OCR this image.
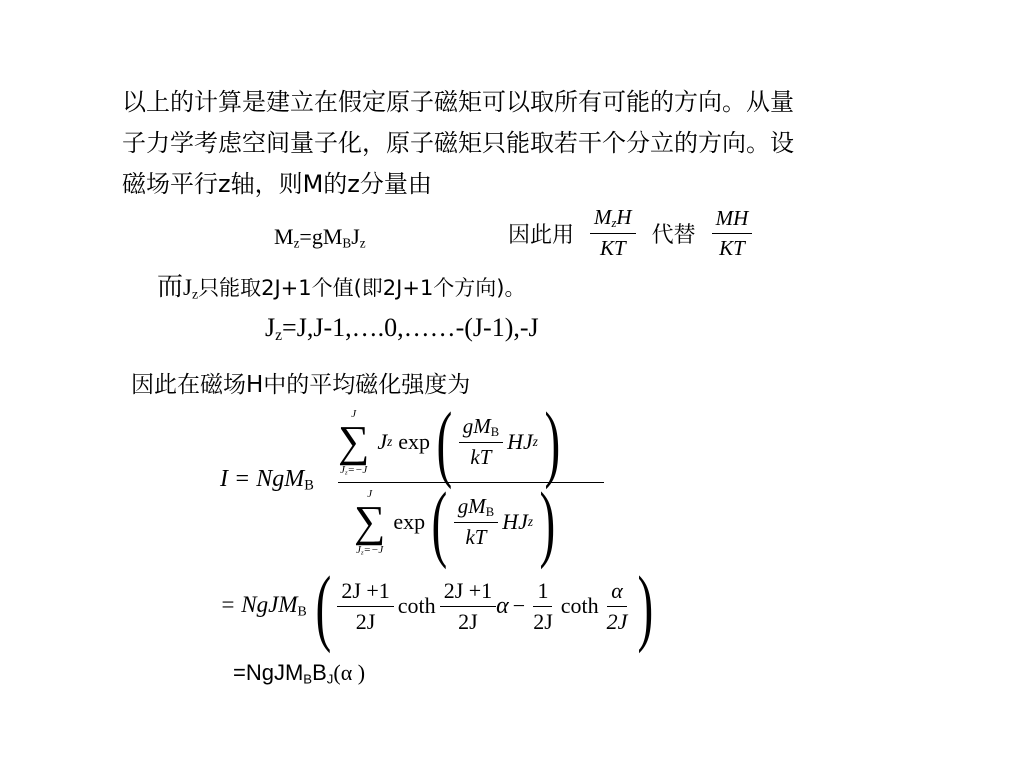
以上的计算是建立在假定原子磁矩可以取所有可能的方向。从量
子力学考虑空间量子化，原子磁矩只能取若干个分立的方向。设
磁场平行z轴，则M的z分量由
$M_z=gM_BJ_z$	因此用 $\frac{M_zH}{KT}$ 代替 $\frac{MH}{KT}$
而$J_z$只能取2J+1个值(即2J+1个方向)。
$J_z=J,J-1,\dots.0,\dots\dots-(J-1),-J$
因此在磁场H中的平均磁化强度为
I = NgM$_B$
J
∑
$J_z=-J$
J z exp ( $\frac{gM_B}{kT}$ HJ z )
J
∑
$J_z=-J$
exp ( $\frac{gM_B}{kT}$ HJ z )
= NgJM$_B$ ( $\frac{2J +1}{2J}$ coth $\frac{2J +1}{2J}$ $\alpha - \frac{1}{2J}$ coth $\frac{\alpha}{2J}$ )
$=NgJM_BB_J(\alpha$ )
